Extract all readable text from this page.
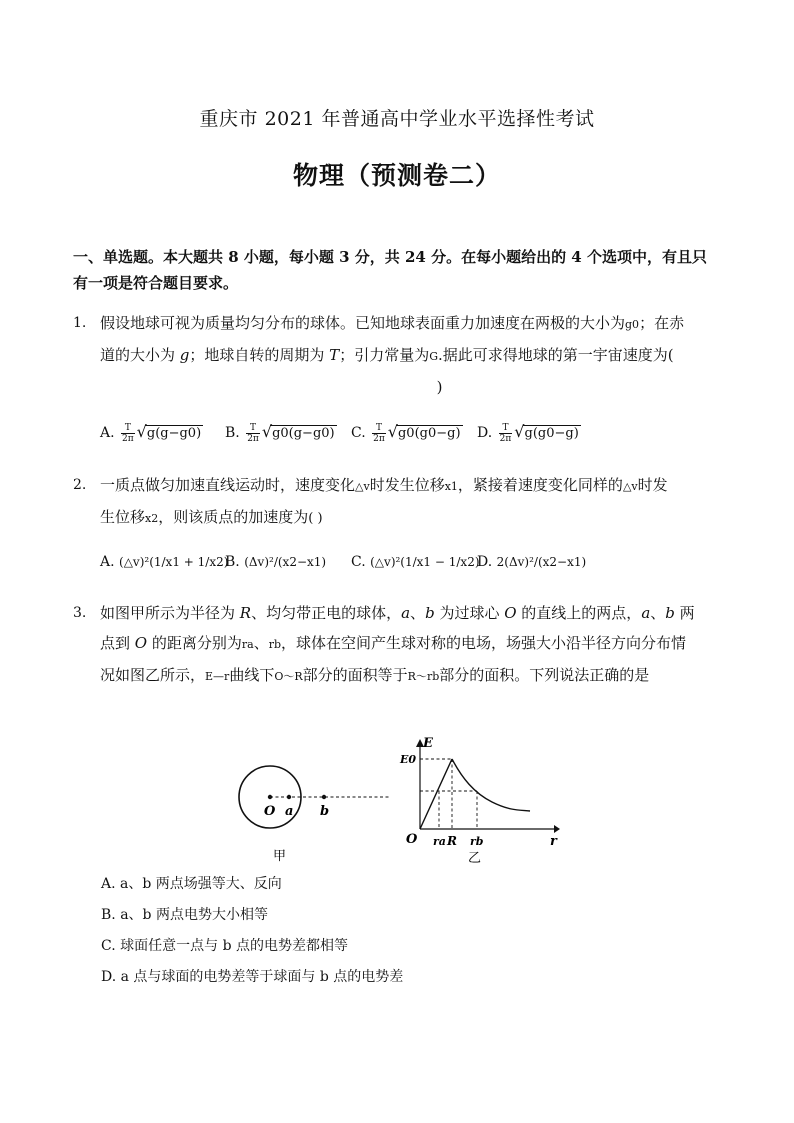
重庆市 2021 年普通高中学业水平选择性考试
物理（预测卷二）
一、单选题。本大题共 8 小题，每小题 3 分，共 24 分。在每小题给出的 4 个选项中，有且只
有一项是符合题目要求。
1. 假设地球可视为质量均匀分布的球体。已知地球表面重力加速度在两极的大小为g0；在赤
道的大小为 g；地球自转的周期为 T；引力常量为G.据此可求得地球的第一宇宙速度为(
)
A. $\frac{T}{2\pi} √g(g-g0)$ B. $\frac{T}{2\pi} √g0(g-g0)$ C. $\frac{T}{2\pi} √g0(g0-g)$ D. $\frac{T}{2\pi} √g(g0-g)$
2. 一质点做匀加速直线运动时，速度变化△v时发生位移x1，紧接着速度变化同样的△v时发
生位移x2，则该质点的加速度为( )
A. (△v)²(1/x1 + 1/x2)
B. (Δv)²/(x2−x1) C. (△v)²(1/x1 − 1/x2)
D. 2(Δv)²/(x2−x1)
3. 如图甲所示为半径为 R、均匀带正电的球体，a、b 为过球心 O 的直线上的两点，a、b 两
点到 O 的距离分别为ra、rb，球体在空间产生球对称的电场，场强大小沿半径方向分布情
况如图乙所示，E—r曲线下O～R部分的面积等于R～rb部分的面积。下列说法正确的是
O a b
甲
E
E0
O	r
ra R rb
乙
A. a、b 两点场强等大、反向
B. a、b 两点电势大小相等
C. 球面任意一点与 b 点的电势差都相等
D. a 点与球面的电势差等于球面与 b 点的电势差
